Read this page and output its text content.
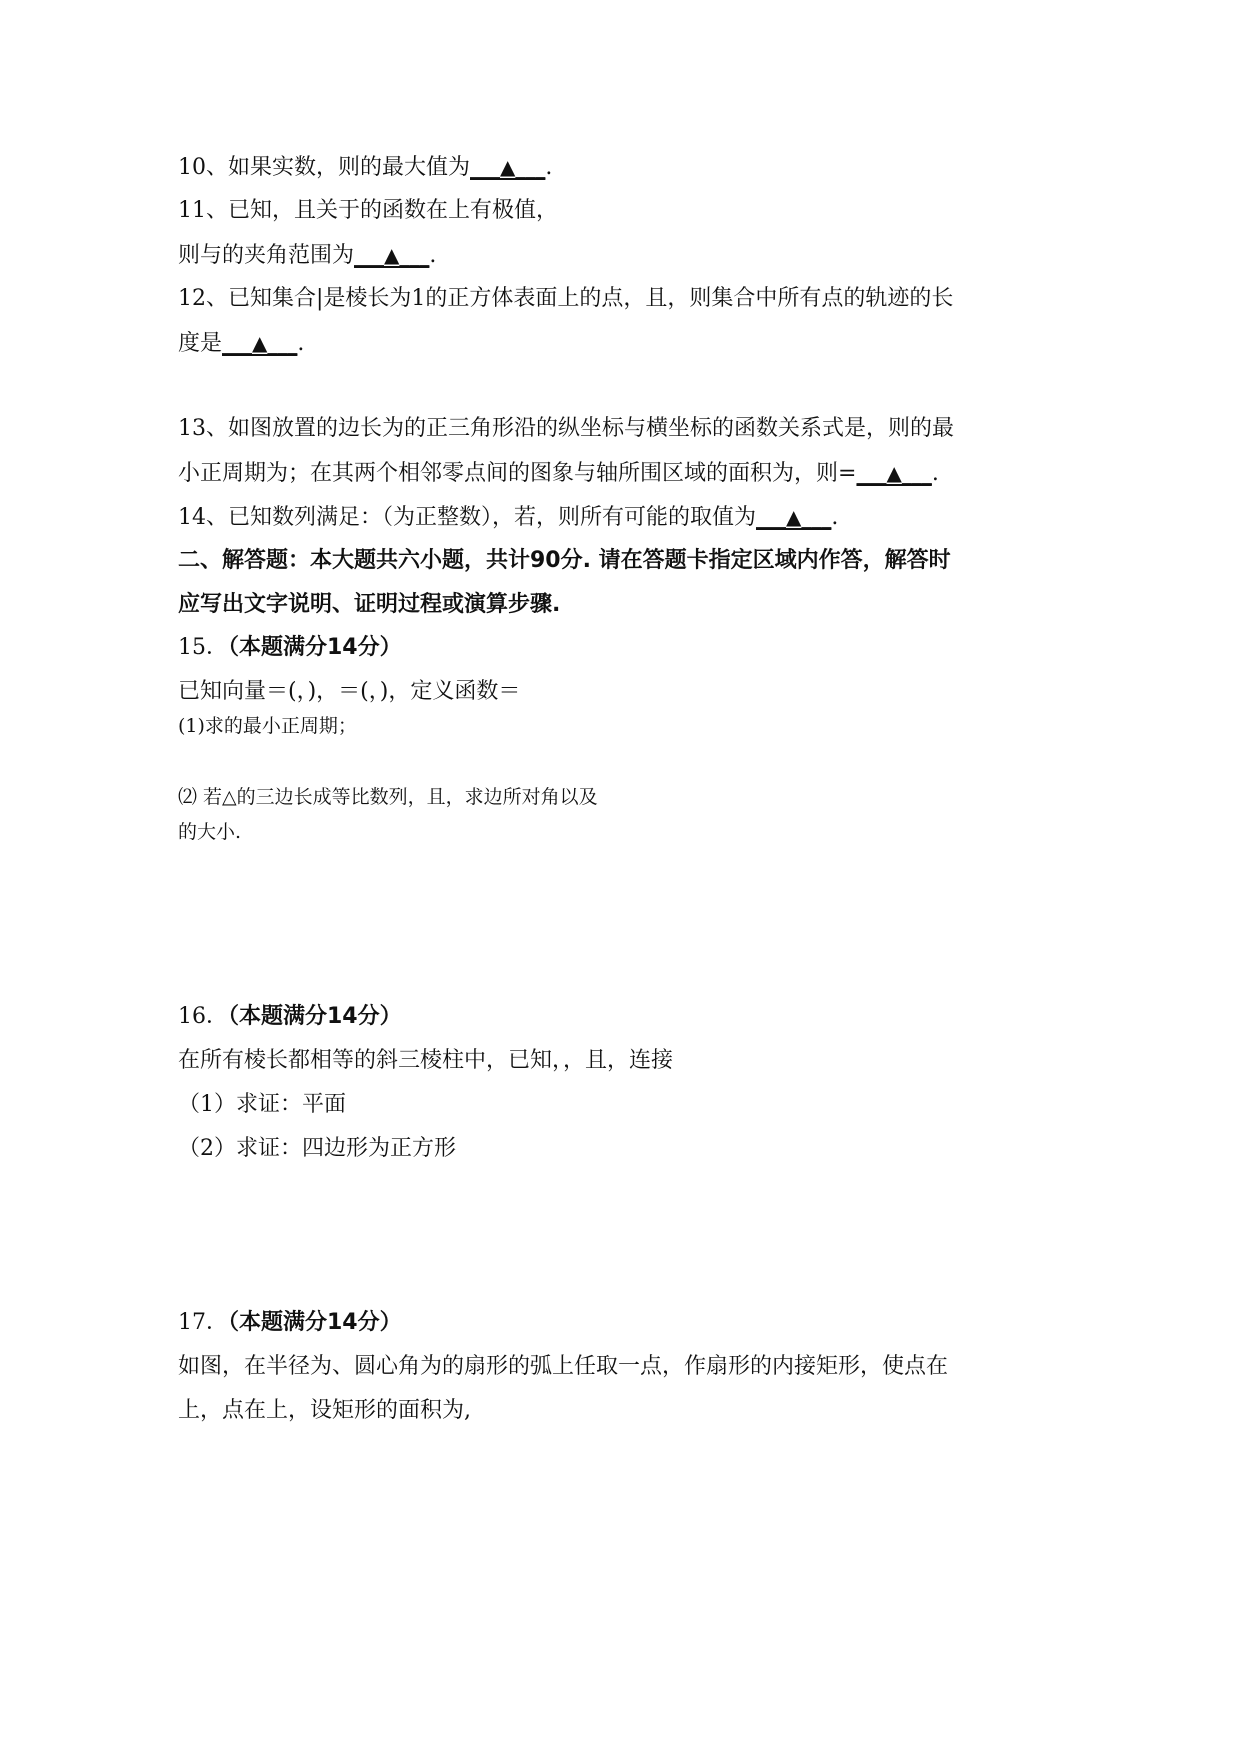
10、如果实数，则的最大值为___▲___.
11、已知，且关于的函数在上有极值，
则与的夹角范围为___▲___.
12、已知集合|是棱长为1的正方体表面上的点，且，则集合中所有点的轨迹的长
度是___▲___.
13、如图放置的边长为的正三角形沿的纵坐标与横坐标的函数关系式是，则的最
小正周期为；在其两个相邻零点间的图象与轴所围区域的面积为，则=___▲___.
14、已知数列满足：（为正整数），若，则所有可能的取值为___▲___.
二、解答题：本大题共六小题，共计90分. 请在答题卡指定区域内作答，解答时
应写出文字说明、证明过程或演算步骤.
15．（本题满分14分）
已知向量＝(，)，＝(，)，定义函数＝
(1)求的最小正周期；
⑵ 若△的三边长成等比数列，且，求边所对角以及
的大小.
16．（本题满分14分）
在所有棱长都相等的斜三棱柱中，已知，，且，连接
（1）求证：平面
（2）求证：四边形为正方形
17．（本题满分14分）
如图，在半径为、圆心角为的扇形的弧上任取一点，作扇形的内接矩形，使点在
上，点在上，设矩形的面积为,
